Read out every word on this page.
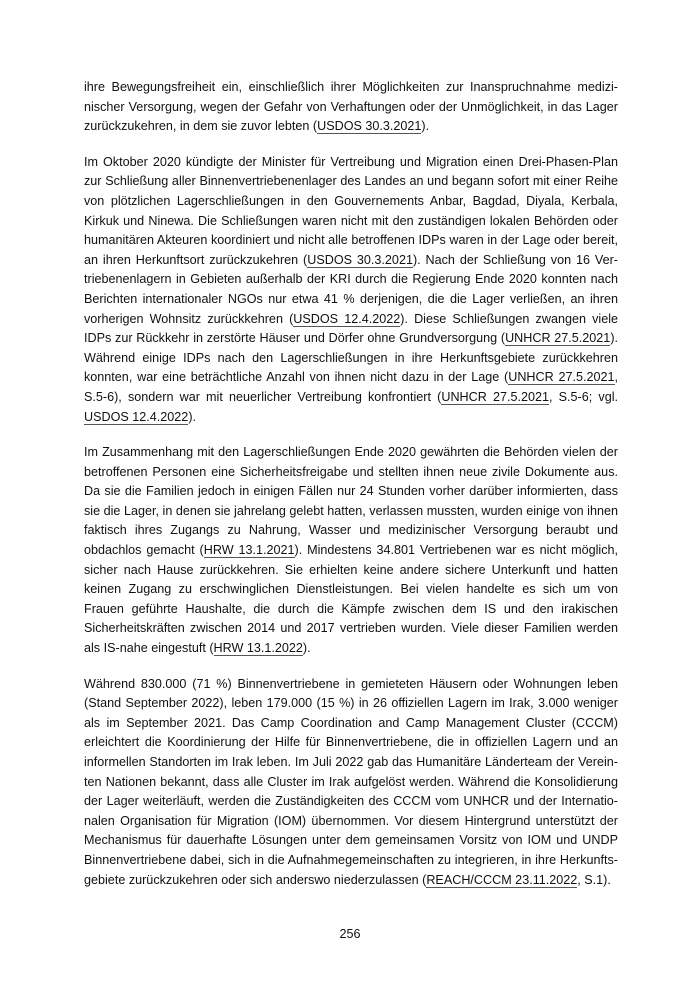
ihre Bewegungsfreiheit ein, einschließlich ihrer Möglichkeiten zur Inanspruchnahme medizinischer Versorgung, wegen der Gefahr von Verhaftungen oder der Unmöglichkeit, in das Lager zurückzukehren, in dem sie zuvor lebten (USDOS 30.3.2021).

Im Oktober 2020 kündigte der Minister für Vertreibung und Migration einen Drei-Phasen-Plan zur Schließung aller Binnenvertriebenenlager des Landes an und begann sofort mit einer Reihe von plötzlichen Lagerschließungen in den Gouvernements Anbar, Bagdad, Diyala, Kerbala, Kirkuk und Ninewa. Die Schließungen waren nicht mit den zuständigen lokalen Behörden oder humanitären Akteuren koordiniert und nicht alle betroffenen IDPs waren in der Lage oder bereit, an ihren Herkunftsort zurückzukehren (USDOS 30.3.2021). Nach der Schließung von 16 Vertriebenenlagern in Gebieten außerhalb der KRI durch die Regierung Ende 2020 konnten nach Berichten internationaler NGOs nur etwa 41 % derjenigen, die die Lager verließen, an ihren vorherigen Wohnsitz zurückkehren (USDOS 12.4.2022). Diese Schließungen zwangen viele IDPs zur Rückkehr in zerstörte Häuser und Dörfer ohne Grundversorgung (UNHCR 27.5.2021). Während einige IDPs nach den Lagerschließungen in ihre Herkunftsgebiete zurückkehren konnten, war eine beträchtliche Anzahl von ihnen nicht dazu in der Lage (UNHCR 27.5.2021, S.5-6), sondern war mit neuerlicher Vertreibung konfrontiert (UNHCR 27.5.2021, S.5-6; vgl. USDOS 12.4.2022).

Im Zusammenhang mit den Lagerschließungen Ende 2020 gewährten die Behörden vielen der betroffenen Personen eine Sicherheitsfreigabe und stellten ihnen neue zivile Dokumente aus. Da sie die Familien jedoch in einigen Fällen nur 24 Stunden vorher darüber informierten, dass sie die Lager, in denen sie jahrelang gelebt hatten, verlassen mussten, wurden einige von ihnen faktisch ihres Zugangs zu Nahrung, Wasser und medizinischer Versorgung beraubt und obdachlos gemacht (HRW 13.1.2021). Mindestens 34.801 Vertriebenen war es nicht möglich, sicher nach Hause zurückkehren. Sie erhielten keine andere sichere Unterkunft und hatten keinen Zugang zu erschwinglichen Dienstleistungen. Bei vielen handelte es sich um von Frauen geführte Haushalte, die durch die Kämpfe zwischen dem IS und den irakischen Sicherheitskräften zwischen 2014 und 2017 vertrieben wurden. Viele dieser Familien werden als IS-nahe eingestuft (HRW 13.1.2022).

Während 830.000 (71 %) Binnenvertriebene in gemieteten Häusern oder Wohnungen leben (Stand September 2022), leben 179.000 (15 %) in 26 offiziellen Lagern im Irak, 3.000 weniger als im September 2021. Das Camp Coordination and Camp Management Cluster (CCCM) erleichtert die Koordinierung der Hilfe für Binnenvertriebene, die in offiziellen Lagern und an informellen Standorten im Irak leben. Im Juli 2022 gab das Humanitäre Länderteam der Vereinten Nationen bekannt, dass alle Cluster im Irak aufgelöst werden. Während die Konsolidierung der Lager weiterläuft, werden die Zuständigkeiten des CCCM vom UNHCR und der Internationalen Organisation für Migration (IOM) übernommen. Vor diesem Hintergrund unterstützt der Mechanismus für dauerhafte Lösungen unter dem gemeinsamen Vorsitz von IOM und UNDP Binnenvertriebene dabei, sich in die Aufnahmegemeinschaften zu integrieren, in ihre Herkunftsgebiete zurückzukehren oder sich anderswo niederzulassen (REACH/CCCM 23.11.2022, S.1).

256
